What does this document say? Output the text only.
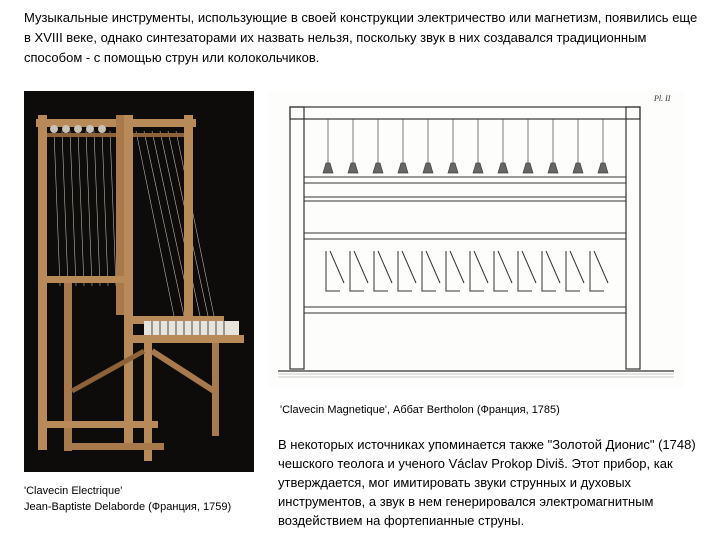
Музыкальные инструменты, использующие в своей конструкции электричество или магнетизм, появились еще в XVIII веке, однако синтезаторами их назвать нельзя, поскольку звук в них создавался традиционным способом - с помощью струн или колокольчиков.
Pl. II
'Clavecin Magnetique', Аббат Bertholon (Франция, 1785)
'Clavecin Electrique'
Jean-Baptiste Delaborde (Франция, 1759)
В некоторых источниках упоминается также "Золотой Дионис" (1748) чешского теолога и ученого Václav Prokop Diviš. Этот прибор, как утверждается, мог имитировать звуки струнных и духовых инструментов, а звук в нем генерировался электромагнитным воздействием на фортепианные струны.
